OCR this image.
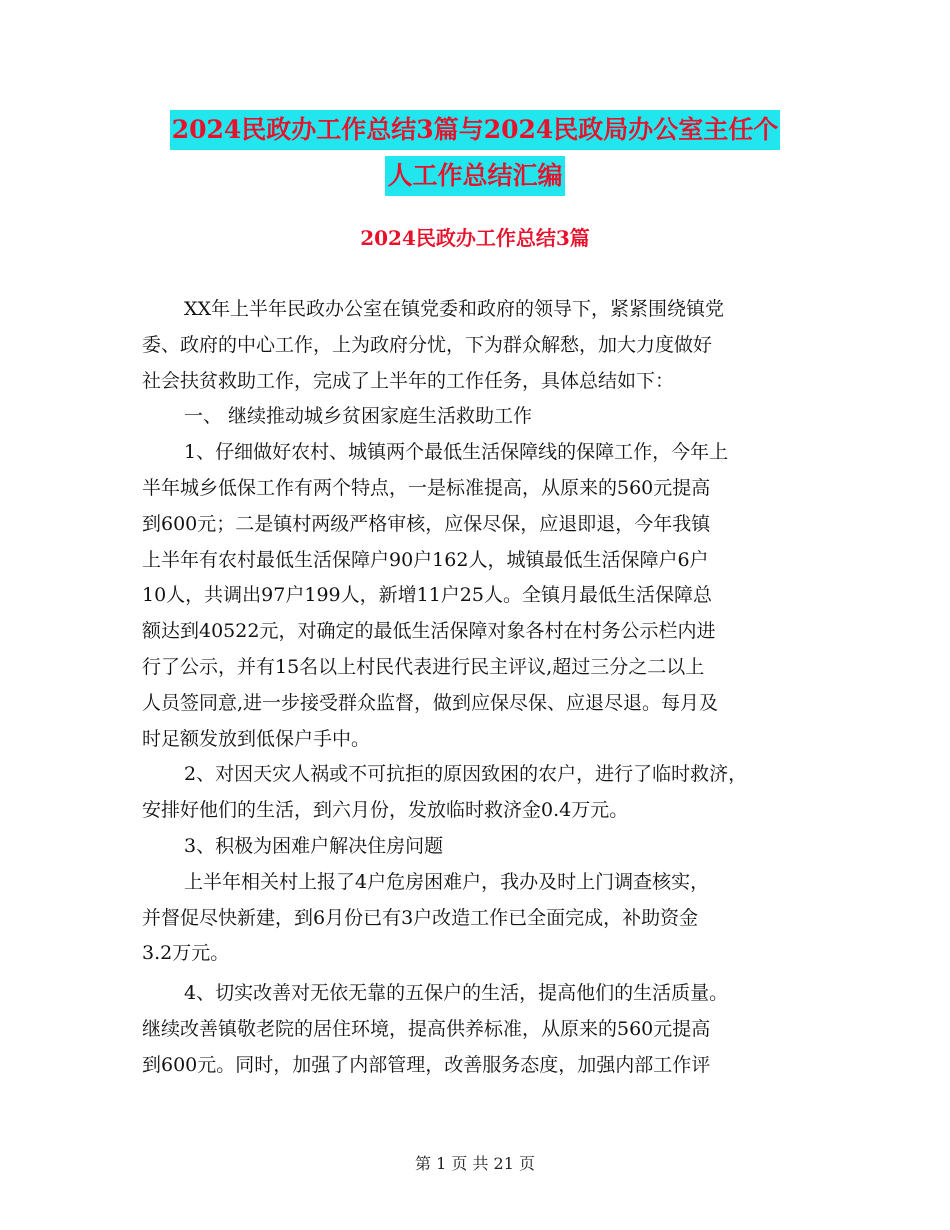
2024民政办工作总结3篇与2024民政局办公室主任个
人工作总结汇编
2024民政办工作总结3篇
XX年上半年民政办公室在镇党委和政府的领导下，紧紧围绕镇党
委、政府的中心工作，上为政府分忧，下为群众解愁，加大力度做好
社会扶贫救助工作，完成了上半年的工作任务，具体总结如下：
一、 继续推动城乡贫困家庭生活救助工作
1、仔细做好农村、城镇两个最低生活保障线的保障工作，今年上
半年城乡低保工作有两个特点，一是标准提高，从原来的560元提高
到600元；二是镇村两级严格审核，应保尽保，应退即退，今年我镇
上半年有农村最低生活保障户90户162人，城镇最低生活保障户6户
10人，共调出97户199人，新增11户25人。全镇月最低生活保障总
额达到40522元，对确定的最低生活保障对象各村在村务公示栏内进
行了公示，并有15名以上村民代表进行民主评议,超过三分之二以上
人员签同意,进一步接受群众监督，做到应保尽保、应退尽退。每月及
时足额发放到低保户手中。
2、对因天灾人祸或不可抗拒的原因致困的农户，进行了临时救济，
安排好他们的生活，到六月份，发放临时救济金0.4万元。
3、积极为困难户解决住房问题
上半年相关村上报了4户危房困难户，我办及时上门调查核实，
并督促尽快新建，到6月份已有3户改造工作已全面完成，补助资金
3.2万元。
4、切实改善对无依无靠的五保户的生活，提高他们的生活质量。
继续改善镇敬老院的居住环境，提高供养标准，从原来的560元提高
到600元。同时，加强了内部管理，改善服务态度，加强内部工作评
第 1 页 共 21 页
